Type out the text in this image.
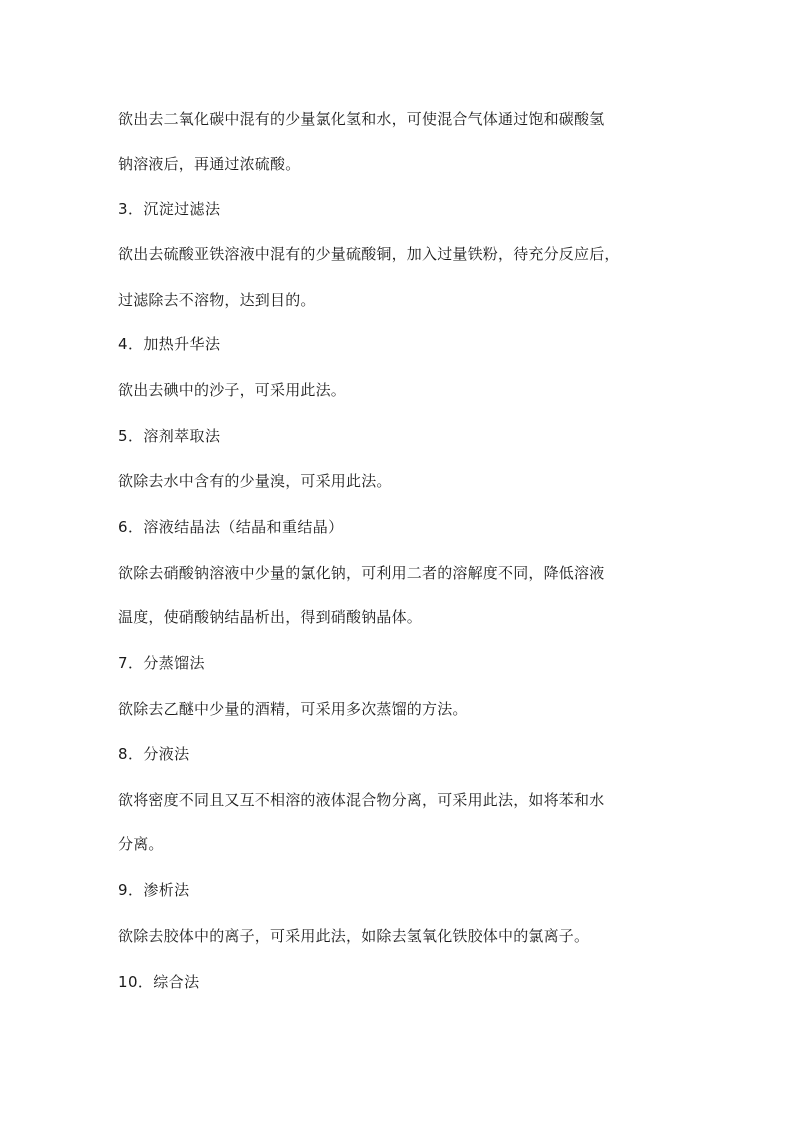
欲出去二氧化碳中混有的少量氯化氢和水，可使混合气体通过饱和碳酸氢
钠溶液后，再通过浓硫酸。
3．沉淀过滤法
欲出去硫酸亚铁溶液中混有的少量硫酸铜，加入过量铁粉，待充分反应后，
过滤除去不溶物，达到目的。
4．加热升华法
欲出去碘中的沙子，可采用此法。
5．溶剂萃取法
欲除去水中含有的少量溴，可采用此法。
6．溶液结晶法（结晶和重结晶）
欲除去硝酸钠溶液中少量的氯化钠，可利用二者的溶解度不同，降低溶液
温度，使硝酸钠结晶析出，得到硝酸钠晶体。
7．分蒸馏法
欲除去乙醚中少量的酒精，可采用多次蒸馏的方法。
8．分液法
欲将密度不同且又互不相溶的液体混合物分离，可采用此法，如将苯和水
分离。
9．渗析法
欲除去胶体中的离子，可采用此法，如除去氢氧化铁胶体中的氯离子。
10．综合法
